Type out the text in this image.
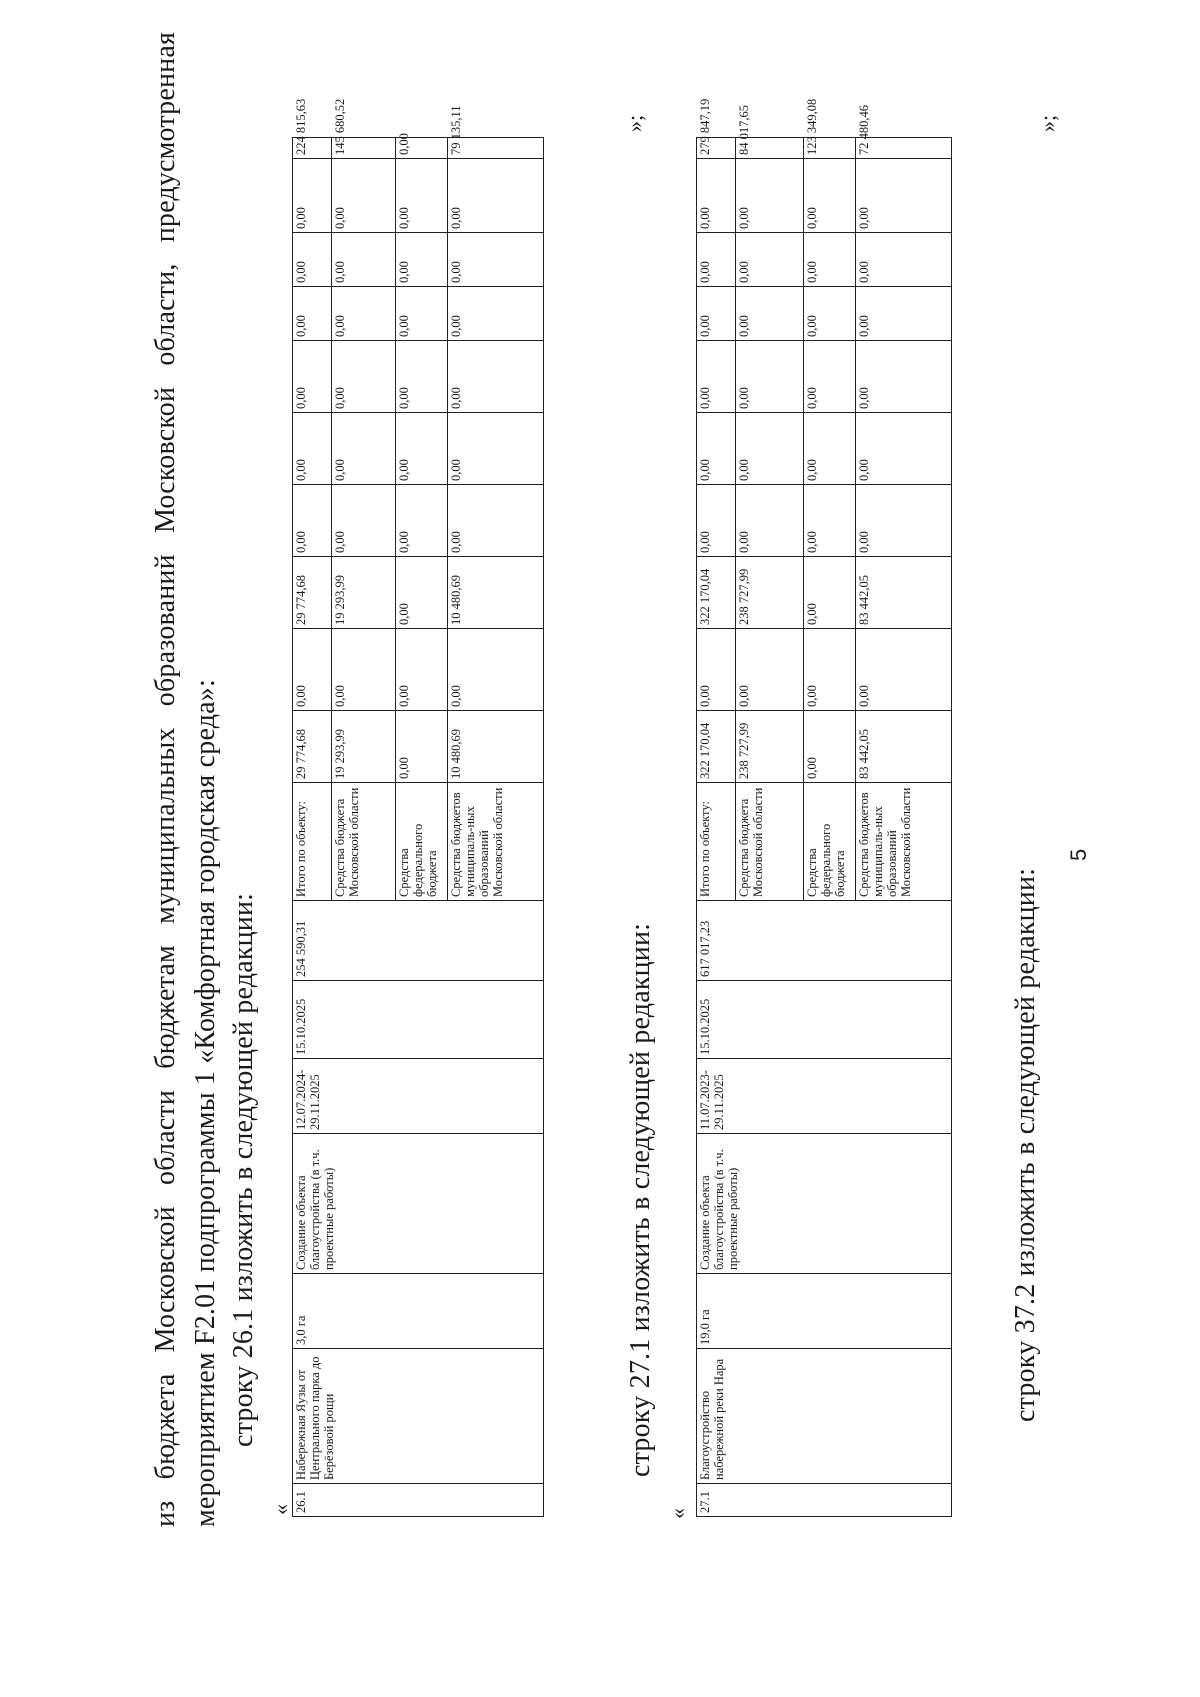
5
из бюджета Московской области бюджетам муниципальных образований Московской области, предусмотренная мероприятием F2.01 подпрограммы 1 «Комфортная городская среда»: строку 26.1 изложить в следующей редакции:
« 26.1	Набережная Яузы от Центрального парка до Берёзовой рощи	3,0 га	Создание объекта благоустройства (в т.ч. проектные работы)	12.07.2024-29.11.2025	15.10.2025	254 590,31	Итого по объекту:	29 774,68	0,00	29 774,68	0,00	0,00	0,00	0,00	0,00	0,00	224 815,63
							Средства бюджета Московской области	19 293,99	0,00	19 293,99	0,00	0,00	0,00	0,00	0,00	0,00	145 680,52
							Средства федерального бюджета	0,00	0,00	0,00	0,00	0,00	0,00	0,00	0,00	0,00	0,00
							Средства бюджетов муниципаль-ных образований Московской области	10 480,69	0,00	10 480,69	0,00	0,00	0,00	0,00	0,00	0,00	79 135,11	»;
строку 27.1 изложить в следующей редакции:
«
27.1	Благоустройство набережной реки Нара	19,0 га	Создание объекта благоустройства (в т.ч. проектные работы)	11.07.2023-29.11.2025	15.10.2025	617 017,23	Итого по объекту:	322 170,04	0,00	322 170,04	0,00	0,00	0,00	0,00	0,00	0,00	279 847,19
							Средства бюджета Московской области	238 727,99	0,00	238 727,99	0,00	0,00	0,00	0,00	0,00	0,00	84 017,65
							Средства федерального бюджета	0,00	0,00	0,00	0,00	0,00	0,00	0,00	0,00	0,00	123 349,08
							Средства бюджетов муниципаль-ных образований Московской области	83 442,05	0,00	83 442,05	0,00	0,00	0,00	0,00	0,00	0,00	72 480,46	»;
строку 37.2 изложить в следующей редакции:
